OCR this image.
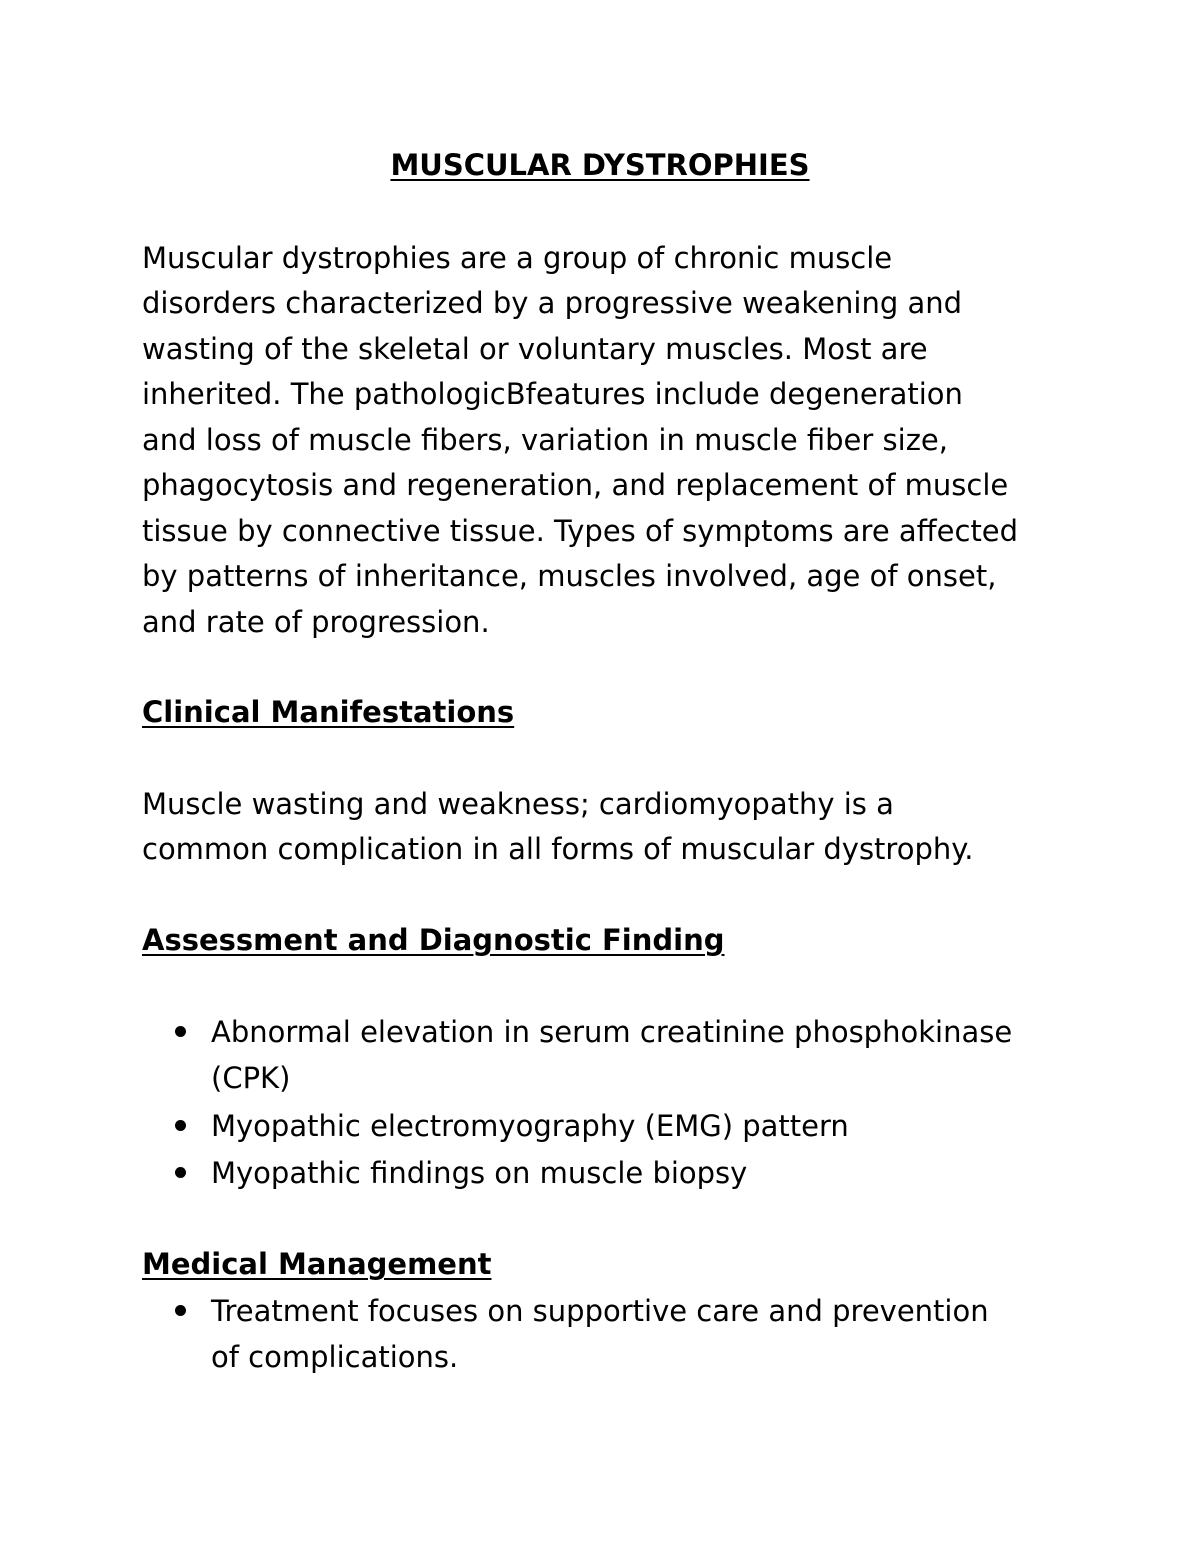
MUSCULAR DYSTROPHIES

Muscular dystrophies are a group of chronic muscle

disorders characterized by a progressive weakening and

wasting of the skeletal or voluntary muscles. Most are

inherited. The pathologicBfeatures include degeneration

and loss of muscle fibers, variation in muscle fiber size,

phagocytosis and regeneration, and replacement of muscle

tissue by connective tissue. Types of symptoms are affected

by patterns of inheritance, muscles involved, age of onset,

and rate of progression.

Clinical Manifestations

Muscle wasting and weakness; cardiomyopathy is a

common complication in all forms of muscular dystrophy.

Assessment and Diagnostic Finding

Abnormal elevation in serum creatinine phosphokinase

(CPK)

Myopathic electromyography (EMG) pattern

Myopathic findings on muscle biopsy

Medical Management

Treatment focuses on supportive care and prevention

of complications.
